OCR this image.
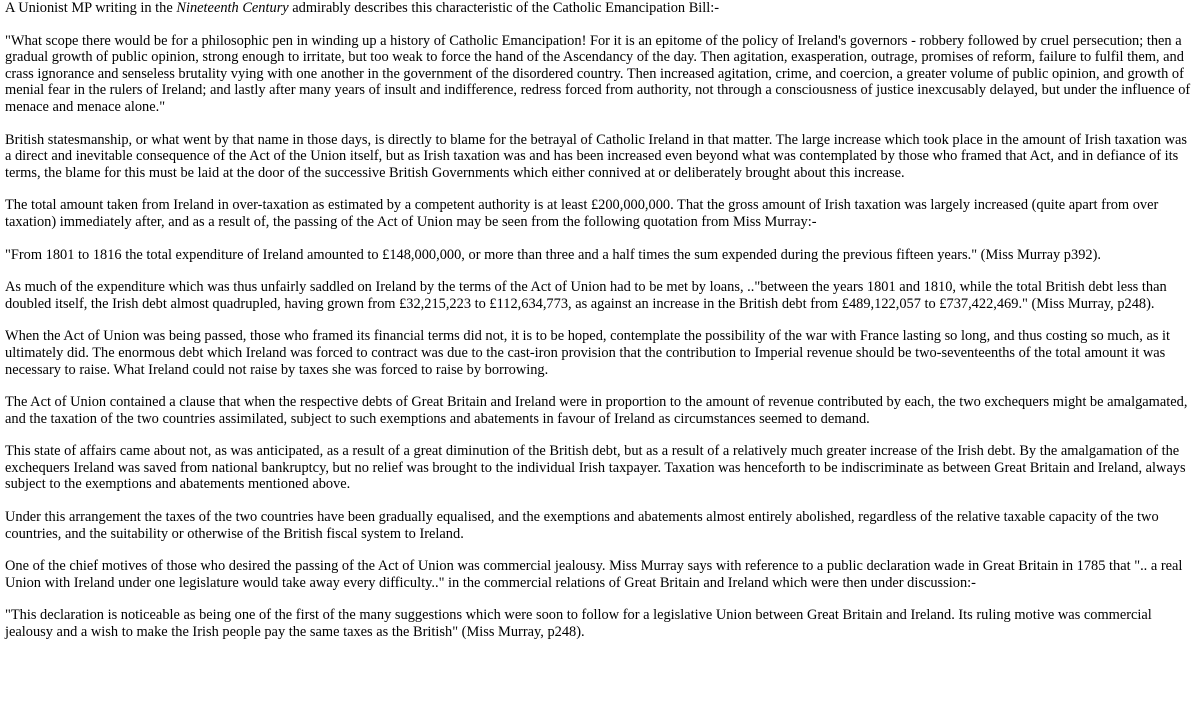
A Unionist MP writing in the Nineteenth Century admirably describes this characteristic of the Catholic Emancipation Bill:-

"What scope there would be for a philosophic pen in winding up a history of Catholic Emancipation! For it is an epitome of the policy of Ireland's governors - robbery followed by cruel persecution; then a gradual growth of public opinion, strong enough to irritate, but too weak to force the hand of the Ascendancy of the day. Then agitation, exasperation, outrage, promises of reform, failure to fulfil them, and crass ignorance and senseless brutality vying with one another in the government of the disordered country. Then increased agitation, crime, and coercion, a greater volume of public opinion, and growth of menial fear in the rulers of Ireland; and lastly after many years of insult and indifference, redress forced from authority, not through a consciousness of justice inexcusably delayed, but under the influence of menace and menace alone."

British statesmanship, or what went by that name in those days, is directly to blame for the betrayal of Catholic Ireland in that matter. The large increase which took place in the amount of Irish taxation was a direct and inevitable consequence of the Act of the Union itself, but as Irish taxation was and has been increased even beyond what was contemplated by those who framed that Act, and in defiance of its terms, the blame for this must be laid at the door of the successive British Governments which either connived at or deliberately brought about this increase.

The total amount taken from Ireland in over-taxation as estimated by a competent authority is at least £200,000,000. That the gross amount of Irish taxation was largely increased (quite apart from over taxation) immediately after, and as a result of, the passing of the Act of Union may be seen from the following quotation from Miss Murray:-

"From 1801 to 1816 the total expenditure of Ireland amounted to £148,000,000, or more than three and a half times the sum expended during the previous fifteen years." (Miss Murray p392).

As much of the expenditure which was thus unfairly saddled on Ireland by the terms of the Act of Union had to be met by loans, .."between the years 1801 and 1810, while the total British debt less than doubled itself, the Irish debt almost quadrupled, having grown from £32,215,223 to £112,634,773, as against an increase in the British debt from £489,122,057 to £737,422,469." (Miss Murray, p248).

When the Act of Union was being passed, those who framed its financial terms did not, it is to be hoped, contemplate the possibility of the war with France lasting so long, and thus costing so much, as it ultimately did. The enormous debt which Ireland was forced to contract was due to the cast-iron provision that the contribution to Imperial revenue should be two-seventeenths of the total amount it was necessary to raise. What Ireland could not raise by taxes she was forced to raise by borrowing.

The Act of Union contained a clause that when the respective debts of Great Britain and Ireland were in proportion to the amount of revenue contributed by each, the two exchequers might be amalgamated, and the taxation of the two countries assimilated, subject to such exemptions and abatements in favour of Ireland as circumstances seemed to demand.

This state of affairs came about not, as was anticipated, as a result of a great diminution of the British debt, but as a result of a relatively much greater increase of the Irish debt. By the amalgamation of the exchequers Ireland was saved from national bankruptcy, but no relief was brought to the individual Irish taxpayer. Taxation was henceforth to be indiscriminate as between Great Britain and Ireland, always subject to the exemptions and abatements mentioned above.

Under this arrangement the taxes of the two countries have been gradually equalised, and the exemptions and abatements almost entirely abolished, regardless of the relative taxable capacity of the two countries, and the suitability or otherwise of the British fiscal system to Ireland.

One of the chief motives of those who desired the passing of the Act of Union was commercial jealousy. Miss Murray says with reference to a public declaration wade in Great Britain in 1785 that ".. a real Union with Ireland under one legislature would take away every difficulty.." in the commercial relations of Great Britain and Ireland which were then under discussion:-

"This declaration is noticeable as being one of the first of the many suggestions which were soon to follow for a legislative Union between Great Britain and Ireland. Its ruling motive was commercial jealousy and a wish to make the Irish people pay the same taxes as the British" (Miss Murray, p248).
